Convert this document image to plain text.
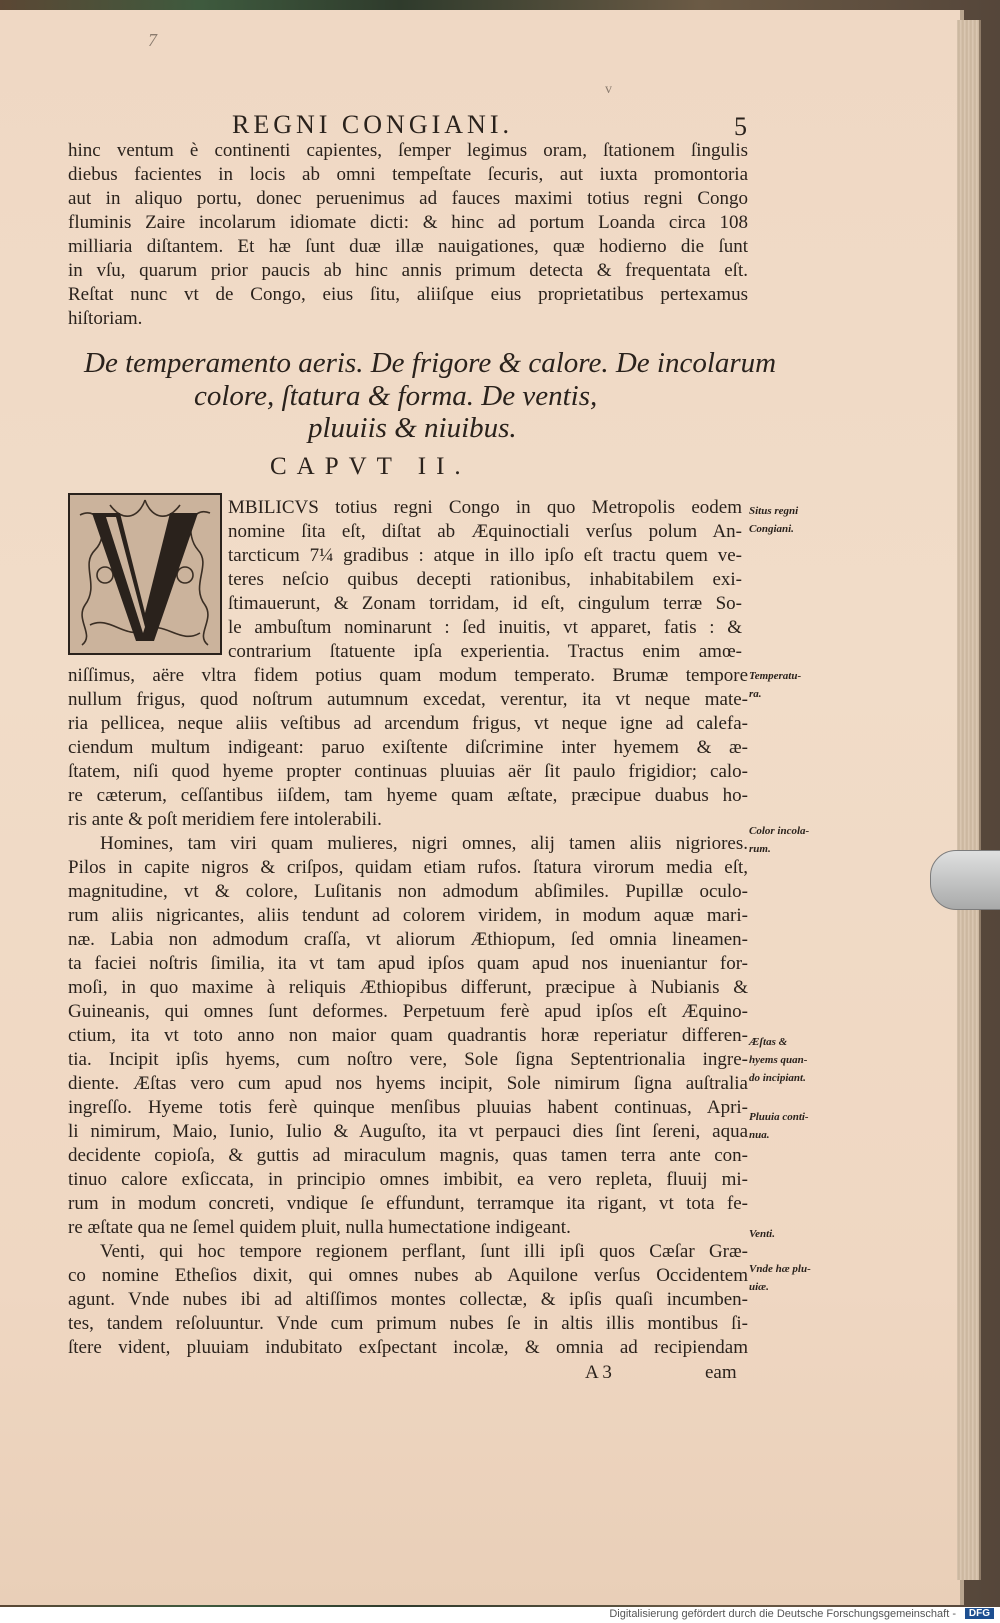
7
v
REGNI CONGIANI.	5
hinc ventum è continenti capientes, ſemper legimus oram, ſtationem ſingulis
diebus facientes in locis ab omni tempeſtate ſecuris, aut iuxta promontoria
aut in aliquo portu, donec peruenimus ad fauces maximi totius regni Congo
fluminis Zaire incolarum idiomate dicti: & hinc ad portum Loanda circa 108
milliaria diſtantem. Et hæ ſunt duæ illæ nauigationes, quæ hodierno die ſunt
in vſu, quarum prior paucis ab hinc annis primum detecta & frequentata eſt.
Reſtat nunc vt de Congo, eius ſitu, aliiſque eius proprietatibus pertexamus
hiſtoriam.
De temperamento aeris. De frigore & calore. De incolarum
colore, ſtatura & forma. De ventis,
pluuiis & niuibus.
CAPVT II.
MBILICVS totius regni Congo in quo Metropolis eodem
nomine ſita eſt, diſtat ab Æquinoctiali verſus polum An-
tarcticum 7¼ gradibus : atque in illo ipſo eſt tractu quem ve-
teres neſcio quibus decepti rationibus, inhabitabilem exi-
ſtimauerunt, & Zonam torridam, id eſt, cingulum terræ So-
le ambuſtum nominarunt : ſed inuitis, vt apparet, fatis : &
contrarium ſtatuente ipſa experientia. Tractus enim amœ-
niſſimus, aëre vltra fidem potius quam modum temperato. Brumæ tempore
nullum frigus, quod noſtrum autumnum excedat, verentur, ita vt neque mate-
ria pellicea, neque aliis veſtibus ad arcendum frigus, vt neque igne ad calefa-
ciendum multum indigeant: paruo exiſtente diſcrimine inter hyemem & æ-
ſtatem, niſi quod hyeme propter continuas pluuias aër ſit paulo frigidior; calo-
re cæterum, ceſſantibus iiſdem, tam hyeme quam æſtate, præcipue duabus ho-
ris ante & poſt meridiem fere intolerabili.
Homines, tam viri quam mulieres, nigri omnes, alij tamen aliis nigriores.
Pilos in capite nigros & criſpos, quidam etiam rufos. ſtatura virorum media eſt,
magnitudine, vt & colore, Luſitanis non admodum abſimiles. Pupillæ oculo-
rum aliis nigricantes, aliis tendunt ad colorem viridem, in modum aquæ mari-
næ. Labia non admodum craſſa, vt aliorum Æthiopum, ſed omnia lineamen-
ta faciei noſtris ſimilia, ita vt tam apud ipſos quam apud nos inueniantur for-
moſi, in quo maxime à reliquis Æthiopibus differunt, præcipue à Nubianis &
Guineanis, qui omnes ſunt deformes. Perpetuum ferè apud ipſos eſt Æquino-
ctium, ita vt toto anno non maior quam quadrantis horæ reperiatur differen-
tia. Incipit ipſis hyems, cum noſtro vere, Sole ſigna Septentrionalia ingre-
diente. Æſtas vero cum apud nos hyems incipit, Sole nimirum ſigna auſtralia
ingreſſo. Hyeme totis ferè quinque menſibus pluuias habent continuas, Apri-
li nimirum, Maio, Iunio, Iulio & Auguſto, ita vt perpauci dies ſint ſereni, aqua
decidente copioſa, & guttis ad miraculum magnis, quas tamen terra ante con-
tinuo calore exſiccata, in principio omnes imbibit, ea vero repleta, fluuij mi-
rum in modum concreti, vndique ſe effundunt, terramque ita rigant, vt tota fe-
re æſtate qua ne ſemel quidem pluit, nulla humectatione indigeant.
Venti, qui hoc tempore regionem perflant, ſunt illi ipſi quos Cæſar Græ-
co nomine Etheſios dixit, qui omnes nubes ab Aquilone verſus Occidentem
agunt. Vnde nubes ibi ad altiſſimos montes collectæ, & ipſis quaſi incumben-
tes, tandem reſoluuntur. Vnde cum primum nubes ſe in altis illis montibus ſi-
ſtere vident, pluuiam indubitato exſpectant incolæ, & omnia ad recipiendam
A 3	eam
Situs regni
Congiani.
Temperatu-
ra.
Color incola-
rum.
Æſtas &
hyems quan-
do incipiant.
Pluuia conti-
nua.
Venti.
Vnde hæ plu-
uiæ.
Digitalisierung gefördert durch die Deutsche Forschungsgemeinschaft -	DFG
